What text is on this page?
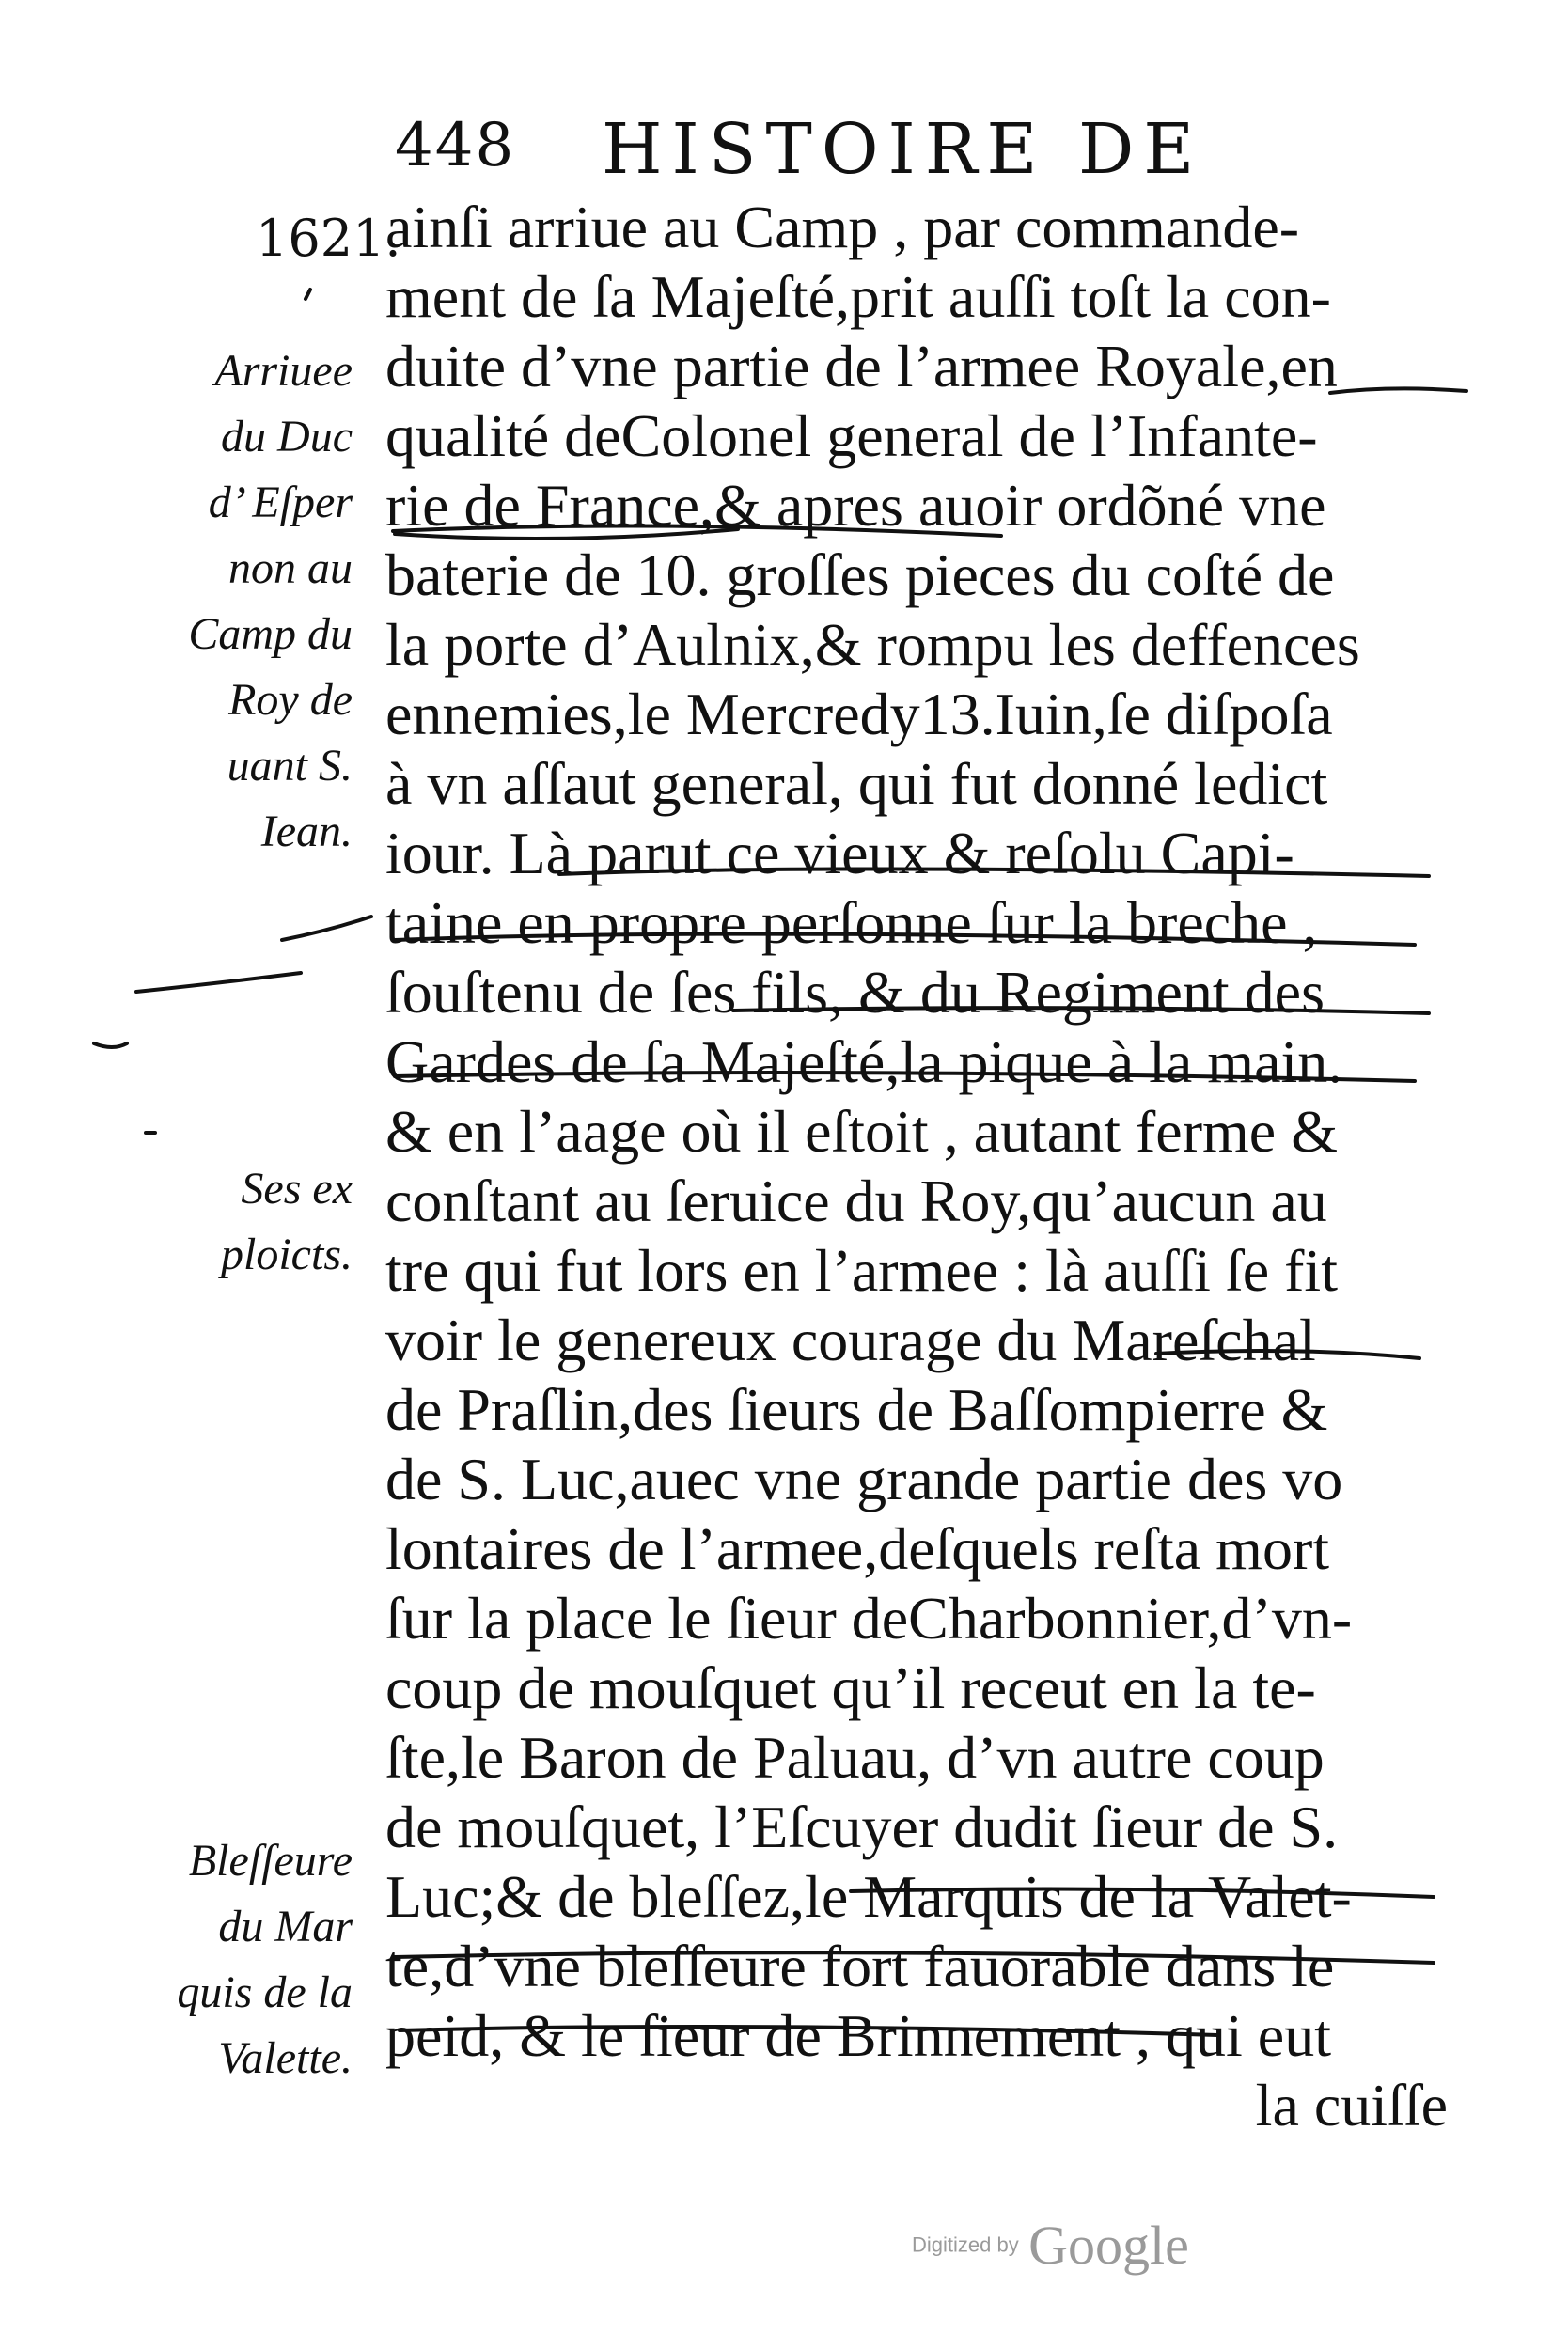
448 HISTOIRE DE
1621.
ainſi arriue au Camp , par commande-
ment de ſa Majeſté,prit auſſi toſt la con-
duite d’vne partie de l’armee Royale,en
qualité deColonel general de l’Infante-
rie de France,& apres auoir ordõné vne
baterie de 10. groſſes pieces du coſté de
la porte d’Aulnix,& rompu les deffences
ennemies,le Mercredy13.Iuin,ſe diſpoſa
à vn aſſaut general, qui fut donné ledict
iour. Là parut ce vieux & reſolu Capi-
taine en propre perſonne ſur la breche ,
ſouſtenu de ſes fils, & du Regiment des
Gardes de ſa Majeſté,la pique à la main.
& en l’aage où il eſtoit , autant ferme &
conſtant au ſeruice du Roy,qu’aucun au
tre qui fut lors en l’armee : là auſſi ſe fit
voir le genereux courage du Mareſchal
de Praſlin,des ſieurs de Baſſompierre &
de S. Luc,auec vne grande partie des vo
lontaires de l’armee,deſquels reſta mort
ſur la place le ſieur deCharbonnier,d’vn-
coup de mouſquet qu’il receut en la te-
ſte,le Baron de Paluau, d’vn autre coup
de mouſquet, l’Eſcuyer dudit ſieur de S.
Luc;& de bleſſez,le Marquis de la Valet-
te,d’vne bleſſeure fort fauorable dans le
peid, & le ſieur de Brinnement , qui eut
la cuiſſe
Arriuee
du Duc
d’ Eſper
non au
Camp du
Roy de
uant S.
Iean.
Ses ex
ploicts.
Bleſſeure
du Mar
quis de la
Valette.
Digitized by Google
